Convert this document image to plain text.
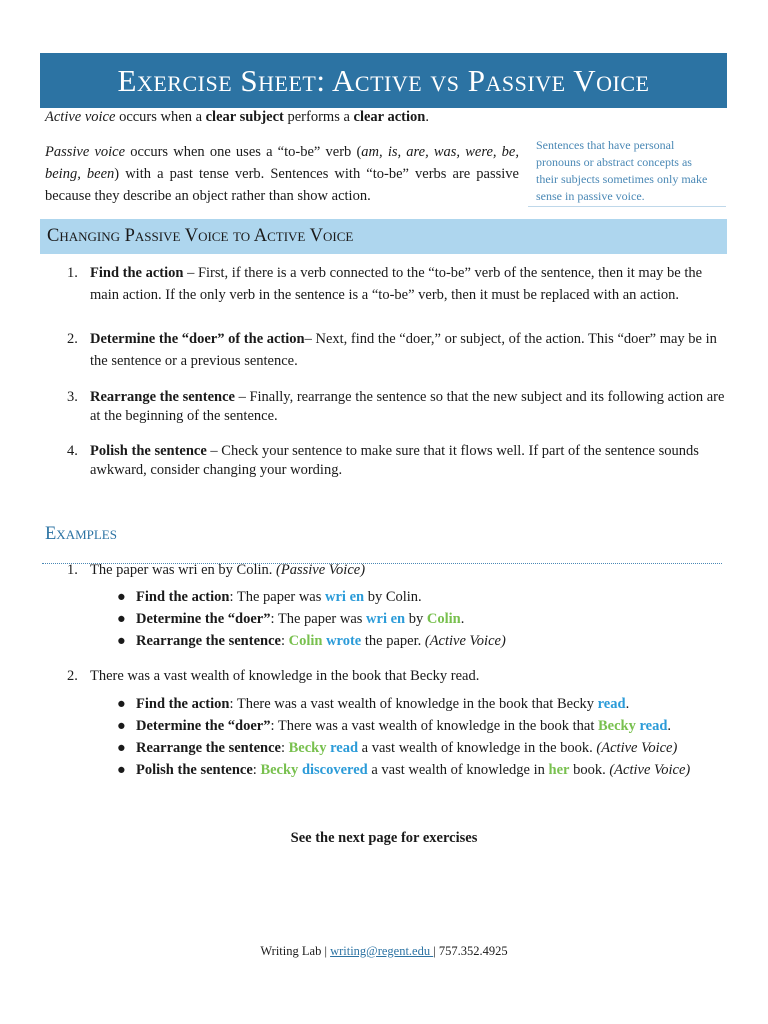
Exercise Sheet: Active vs Passive Voice

Active voice occurs when a clear subject performs a clear action.

Passive voice occurs when one uses a “to-be” verb (am, is, are, was, were, be, being, been) with a past tense verb. Sentences with “to-be” verbs are passive because they describe an object rather than show action.

Sentences that have personal pronouns or abstract concepts as their subjects sometimes only make sense in passive voice.
Changing Passive Voice to Active Voice
1. Find the action – First, if there is a verb connected to the “to-be” verb of the sentence, then it may be the main action. If the only verb in the sentence is a “to-be” verb, then it must be replaced with an action.
2. Determine the “doer” of the action– Next, find the “doer,” or subject, of the action. This “doer” may be in the sentence or a previous sentence.
3. Rearrange the sentence – Finally, rearrange the sentence so that the new subject and its following action are at the beginning of the sentence.
4. Polish the sentence – Check your sentence to make sure that it flows well. If part of the sentence sounds awkward, consider changing your wording.
Examples
1. The paper was wri en by Colin. (Passive Voice)
● Find the action: The paper was wri en by Colin.
● Determine the “doer”: The paper was wri en by Colin.
● Rearrange the sentence: Colin wrote the paper. (Active Voice)
2. There was a vast wealth of knowledge in the book that Becky read.
● Find the action: There was a vast wealth of knowledge in the book that Becky read.
● Determine the “doer”: There was a vast wealth of knowledge in the book that Becky read.
● Rearrange the sentence: Becky read a vast wealth of knowledge in the book. (Active Voice)
● Polish the sentence: Becky discovered a vast wealth of knowledge in her book. (Active Voice)
See the next page for exercises
Writing Lab | writing@regent.edu | 757.352.4925
